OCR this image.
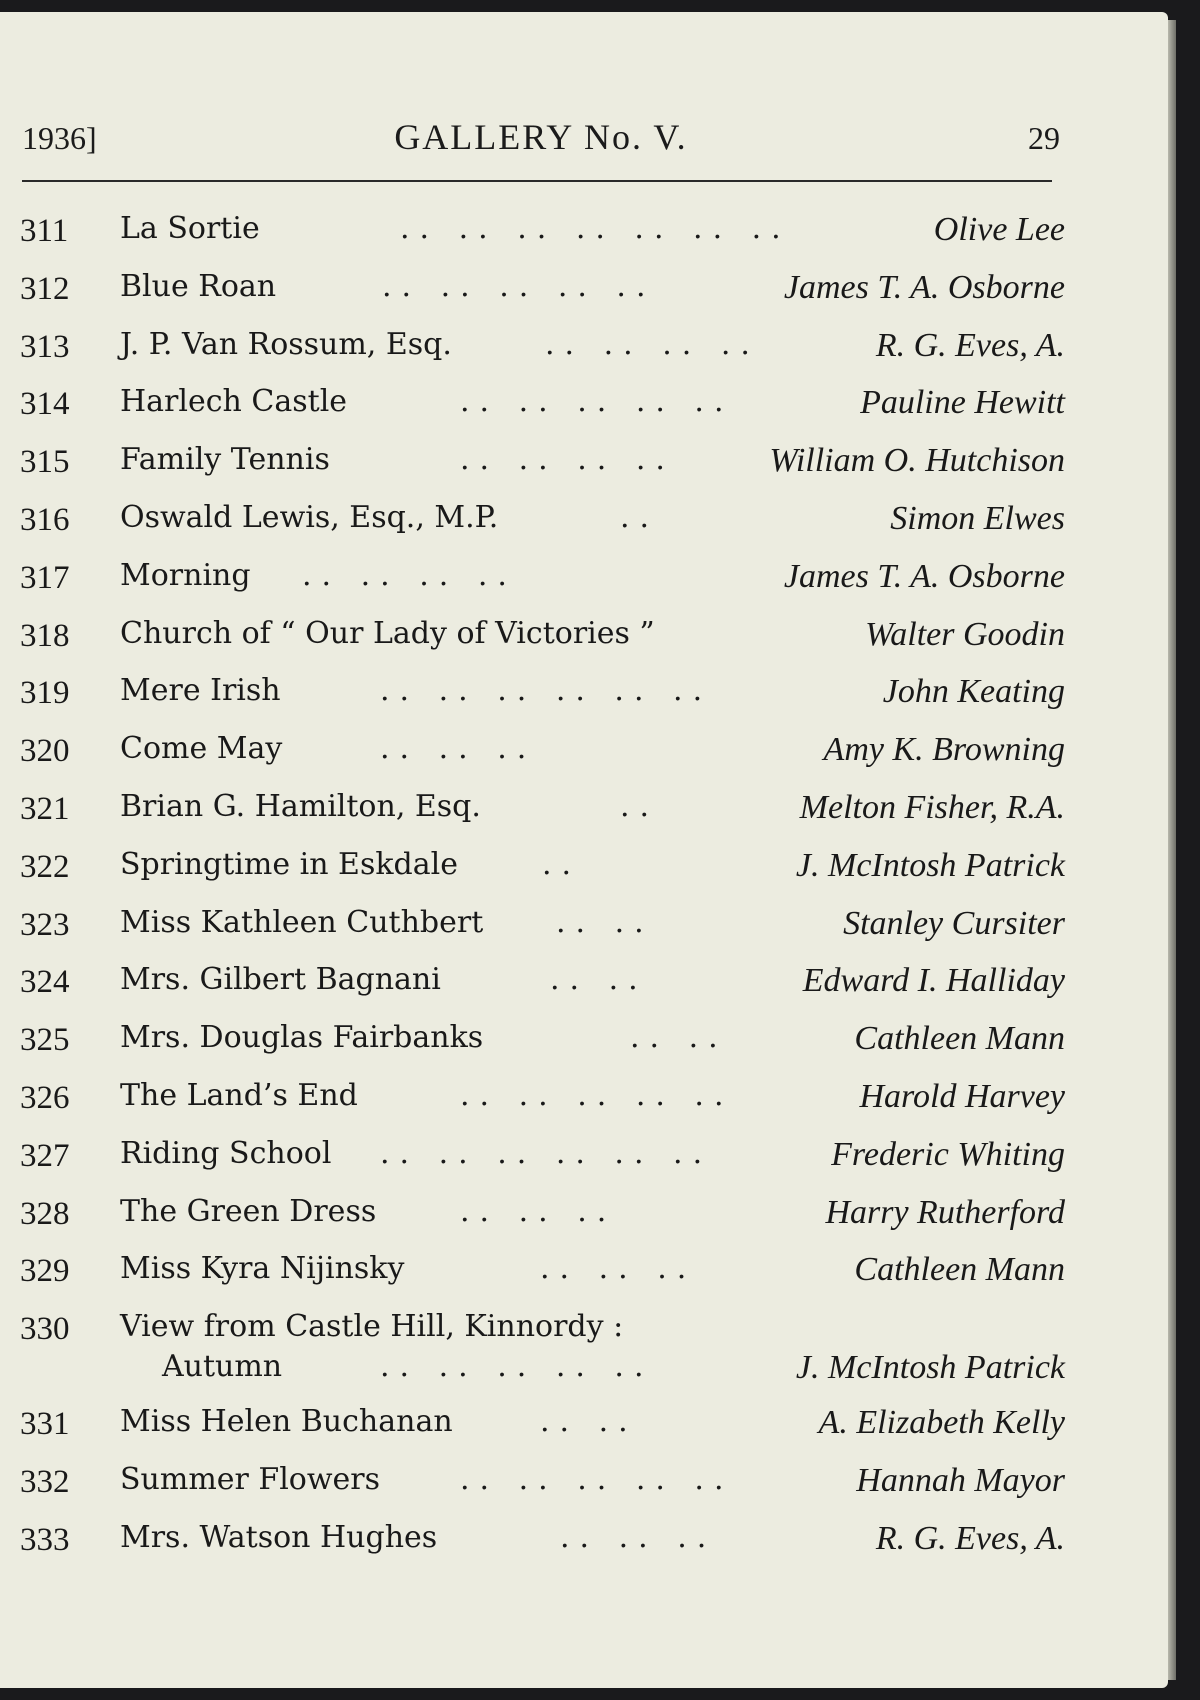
1936]	GALLERY No. V.	29
311 La Sortie	.. .. .. .. .. .. ..	Olive Lee
312 Blue Roan	.. .. .. .. ..	James T. A. Osborne
313 J. P. Van Rossum, Esq.	.. .. .. ..	R. G. Eves, A.
314 Harlech Castle	.. .. .. .. ..	Pauline Hewitt
315 Family Tennis	.. .. .. ..	William O. Hutchison
316 Oswald Lewis, Esq., M.P.	..	Simon Elwes
317 Morning .. .. .. ..	James T. A. Osborne
318 Church of “ Our Lady of Victories ”	Walter Goodin
319 Mere Irish	.. .. .. .. .. ..	John Keating
320 Come May	.. .. ..	Amy K. Browning
321 Brian G. Hamilton, Esq.	..	Melton Fisher, R.A.
322 Springtime in Eskdale	..	J. McIntosh Patrick
323 Miss Kathleen Cuthbert .. ..	Stanley Cursiter
324 Mrs. Gilbert Bagnani	.. ..	Edward I. Halliday
325 Mrs. Douglas Fairbanks	.. ..	Cathleen Mann
326 The Land’s End	.. .. .. .. ..	Harold Harvey
327 Riding School .. .. .. .. .. ..	Frederic Whiting
328 The Green Dress	.. .. ..	Harry Rutherford
329 Miss Kyra Nijinsky	.. .. ..	Cathleen Mann
330 View from Castle Hill, Kinnordy :
Autumn	.. .. .. .. ..	J. McIntosh Patrick
331 Miss Helen Buchanan	.. ..	A. Elizabeth Kelly
332 Summer Flowers	.. .. .. .. ..	Hannah Mayor
333 Mrs. Watson Hughes	.. .. ..	R. G. Eves, A.
